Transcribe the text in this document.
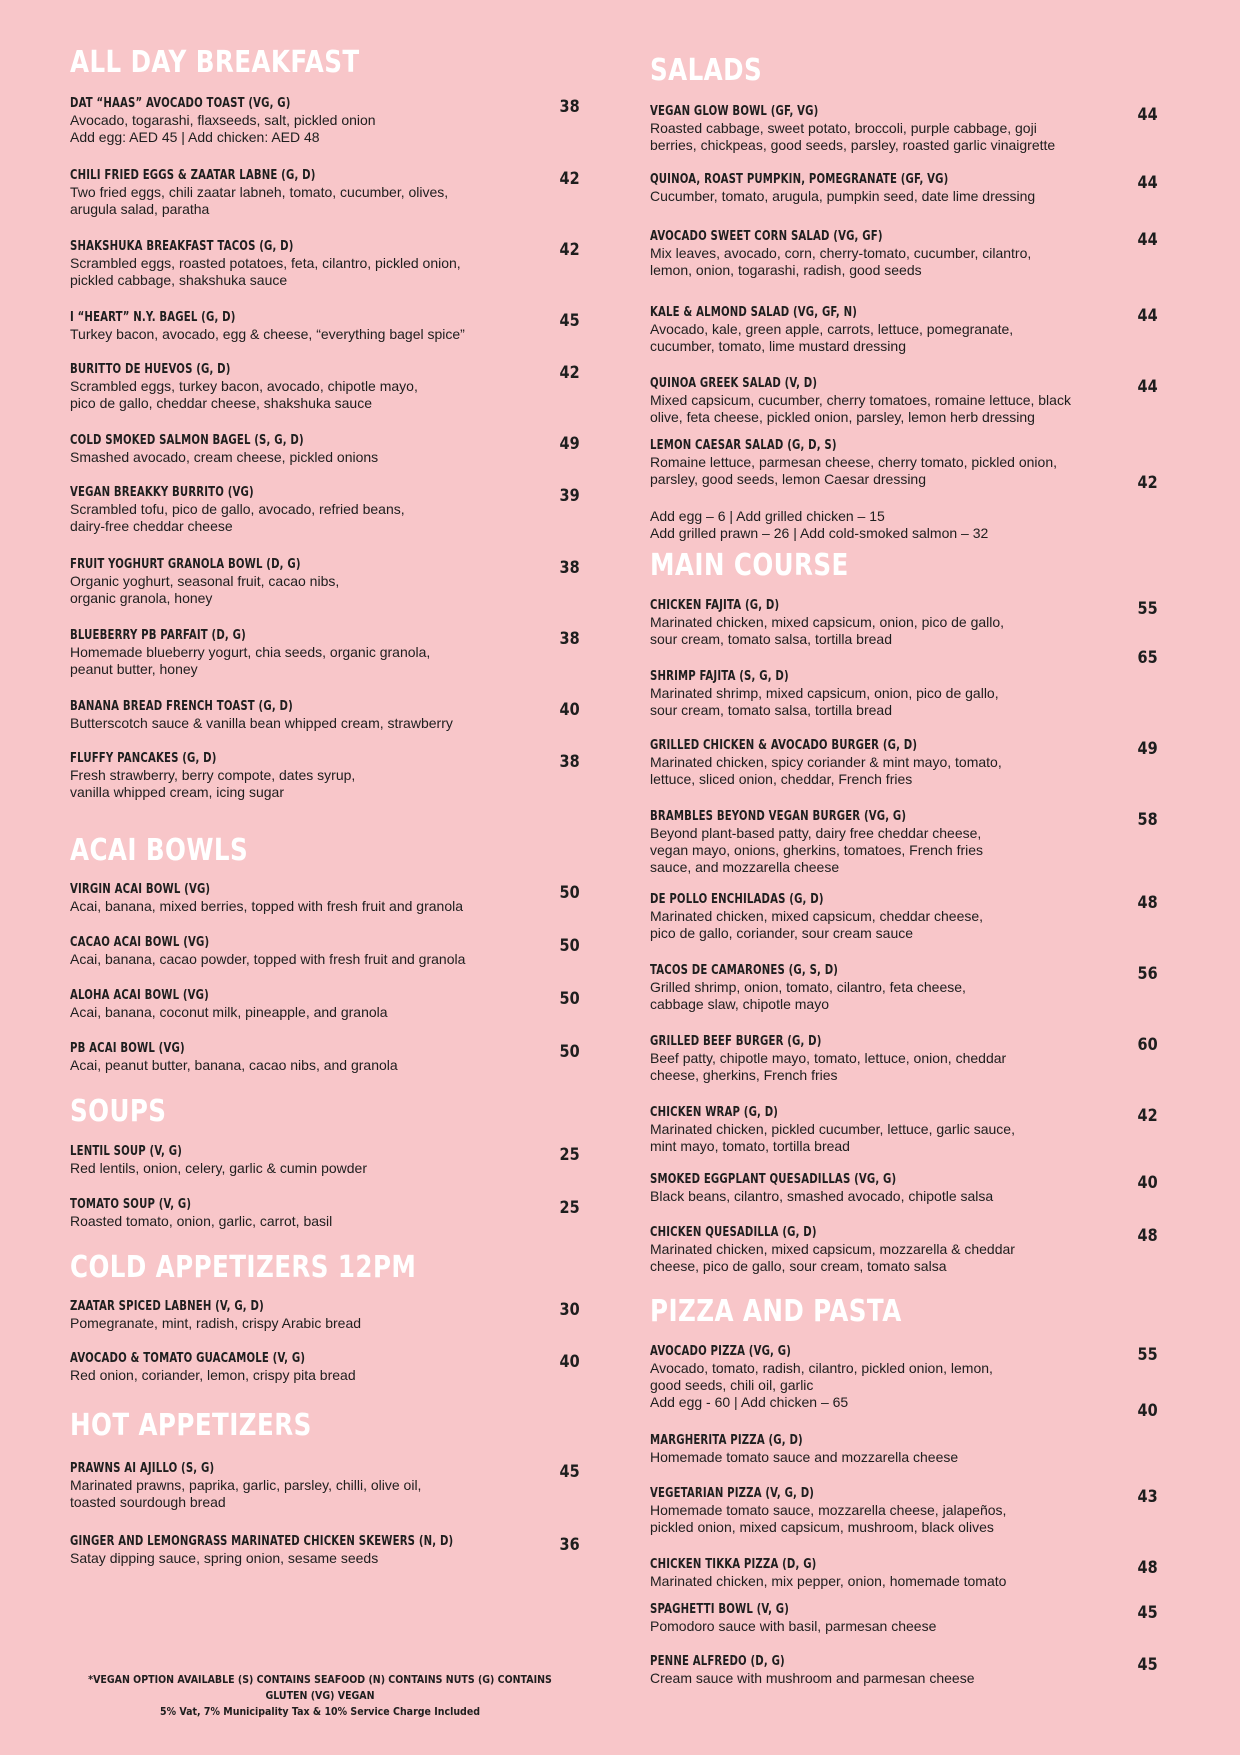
ALL DAY BREAKFAST
DAT “HAAS” AVOCADO TOAST (VG, G)
Avocado, togarashi, flaxseeds, salt, pickled onion
Add egg: AED 45 | Add chicken: AED 48
38
CHILI FRIED EGGS & ZAATAR LABNE (G, D)
Two fried eggs, chili zaatar labneh, tomato, cucumber, olives,
arugula salad, paratha
42
SHAKSHUKA BREAKFAST TACOS (G, D)
Scrambled eggs, roasted potatoes, feta, cilantro, pickled onion,
pickled cabbage, shakshuka sauce
42
I “HEART” N.Y. BAGEL (G, D)
Turkey bacon, avocado, egg & cheese, “everything bagel spice”
45
BURITTO DE HUEVOS (G, D)
Scrambled eggs, turkey bacon, avocado, chipotle mayo,
pico de gallo, cheddar cheese, shakshuka sauce
42
COLD SMOKED SALMON BAGEL (S, G, D)
Smashed avocado, cream cheese, pickled onions
49
VEGAN BREAKKY BURRITO (VG)
Scrambled tofu, pico de gallo, avocado, refried beans,
dairy-free cheddar cheese
39
FRUIT YOGHURT GRANOLA BOWL (D, G)
Organic yoghurt, seasonal fruit, cacao nibs,
organic granola, honey
38
BLUEBERRY PB PARFAIT (D, G)
Homemade blueberry yogurt, chia seeds, organic granola,
peanut butter, honey
38
BANANA BREAD FRENCH TOAST (G, D)
Butterscotch sauce & vanilla bean whipped cream, strawberry
40
FLUFFY PANCAKES (G, D)
Fresh strawberry, berry compote, dates syrup,
vanilla whipped cream, icing sugar
38
ACAI BOWLS
VIRGIN ACAI BOWL (VG)
Acai, banana, mixed berries, topped with fresh fruit and granola
50
CACAO ACAI BOWL (VG)
Acai, banana, cacao powder, topped with fresh fruit and granola
50
ALOHA ACAI BOWL (VG)
Acai, banana, coconut milk, pineapple, and granola
50
PB ACAI BOWL (VG)
Acai, peanut butter, banana, cacao nibs, and granola
50
SOUPS
LENTIL SOUP (V, G)
Red lentils, onion, celery, garlic & cumin powder
25
TOMATO SOUP (V, G)
Roasted tomato, onion, garlic, carrot, basil
25
COLD APPETIZERS 12PM
ZAATAR SPICED LABNEH (V, G, D)
Pomegranate, mint, radish, crispy Arabic bread
30
AVOCADO & TOMATO GUACAMOLE (V, G)
Red onion, coriander, lemon, crispy pita bread
40
HOT APPETIZERS
PRAWNS AI AJILLO (S, G)
Marinated prawns, paprika, garlic, parsley, chilli, olive oil,
toasted sourdough bread
45
GINGER AND LEMONGRASS MARINATED CHICKEN SKEWERS (N, D)
Satay dipping sauce, spring onion, sesame seeds
36
SALADS
VEGAN GLOW BOWL (GF, VG)
Roasted cabbage, sweet potato, broccoli, purple cabbage, goji
berries, chickpeas, good seeds, parsley, roasted garlic vinaigrette
44
QUINOA, ROAST PUMPKIN, POMEGRANATE (GF, VG)
Cucumber, tomato, arugula, pumpkin seed, date lime dressing
44
AVOCADO SWEET CORN SALAD (VG, GF)
Mix leaves, avocado, corn, cherry-tomato, cucumber, cilantro,
lemon, onion, togarashi, radish, good seeds
44
KALE & ALMOND SALAD (VG, GF, N)
Avocado, kale, green apple, carrots, lettuce, pomegranate,
cucumber, tomato, lime mustard dressing
44
QUINOA GREEK SALAD (V, D)
Mixed capsicum, cucumber, cherry tomatoes, romaine lettuce, black
olive, feta cheese, pickled onion, parsley, lemon herb dressing
44
LEMON CAESAR SALAD (G, D, S)
Romaine lettuce, parmesan cheese, cherry tomato, pickled onion,
parsley, good seeds, lemon Caesar dressing	42
Add egg – 6 | Add grilled chicken – 15
Add grilled prawn – 26 | Add cold-smoked salmon – 32
MAIN COURSE
CHICKEN FAJITA (G, D)
Marinated chicken, mixed capsicum, onion, pico de gallo,
sour cream, tomato salsa, tortilla bread
55
SHRIMP FAJITA (S, G, D)
Marinated shrimp, mixed capsicum, onion, pico de gallo,
sour cream, tomato salsa, tortilla bread
65
GRILLED CHICKEN & AVOCADO BURGER (G, D)
Marinated chicken, spicy coriander & mint mayo, tomato,
lettuce, sliced onion, cheddar, French fries
49
BRAMBLES BEYOND VEGAN BURGER (VG, G)
Beyond plant-based patty, dairy free cheddar cheese,
vegan mayo, onions, gherkins, tomatoes, French fries
sauce, and mozzarella cheese
58
DE POLLO ENCHILADAS (G, D)
Marinated chicken, mixed capsicum, cheddar cheese,
pico de gallo, coriander, sour cream sauce
48
TACOS DE CAMARONES (G, S, D)
Grilled shrimp, onion, tomato, cilantro, feta cheese,
cabbage slaw, chipotle mayo
56
GRILLED BEEF BURGER (G, D)
Beef patty, chipotle mayo, tomato, lettuce, onion, cheddar
cheese, gherkins, French fries
60
CHICKEN WRAP (G, D)
Marinated chicken, pickled cucumber, lettuce, garlic sauce,
mint mayo, tomato, tortilla bread
42
SMOKED EGGPLANT QUESADILLAS (VG, G)
Black beans, cilantro, smashed avocado, chipotle salsa
40
CHICKEN QUESADILLA (G, D)
Marinated chicken, mixed capsicum, mozzarella & cheddar
cheese, pico de gallo, sour cream, tomato salsa
48
PIZZA AND PASTA
AVOCADO PIZZA (VG, G)
Avocado, tomato, radish, cilantro, pickled onion, lemon,
good seeds, chili oil, garlic
Add egg - 60 | Add chicken – 65
55
MARGHERITA PIZZA (G, D)
Homemade tomato sauce and mozzarella cheese
40
VEGETARIAN PIZZA (V, G, D)
Homemade tomato sauce, mozzarella cheese, jalapeños,
pickled onion, mixed capsicum, mushroom, black olives
43
CHICKEN TIKKA PIZZA (D, G)
Marinated chicken, mix pepper, onion, homemade tomato
48
SPAGHETTI BOWL (V, G)
Pomodoro sauce with basil, parmesan cheese
45
PENNE ALFREDO (D, G)
Cream sauce with mushroom and parmesan cheese
45
*VEGAN OPTION AVAILABLE (S) CONTAINS SEAFOOD (N) CONTAINS NUTS (G) CONTAINS GLUTEN (VG) VEGAN
5% Vat, 7% Municipality Tax & 10% Service Charge Included
